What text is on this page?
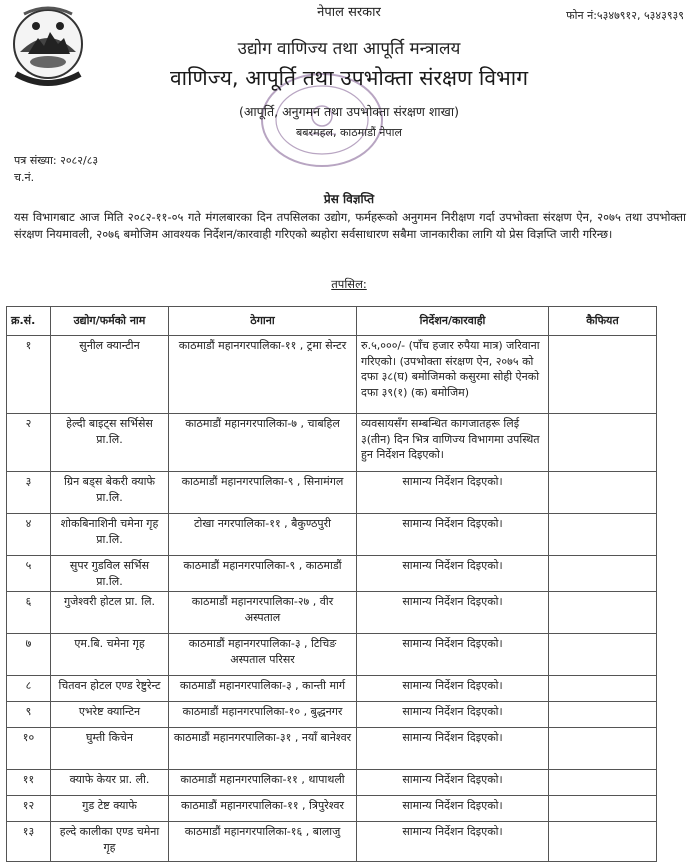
फोन नं:५३४७९१२, ५३४३९३९
नेपाल सरकार
उद्योग वाणिज्य तथा आपूर्ति मन्त्रालय
वाणिज्य, आपूर्ति तथा उपभोक्ता संरक्षण विभाग
(आपूर्ति, अनुगमन तथा उपभोक्ता संरक्षण शाखा)
बबरमहल, काठमाडौं नेपाल
पत्र संख्या: २०८२/८३
च.नं.
प्रेस विज्ञप्ति
यस विभागबाट आज मिति २०८२-११-०५ गते मंगलबारका दिन तपसिलका उद्योग, फर्महरूको अनुगमन निरीक्षण गर्दा उपभोक्ता संरक्षण ऐन, २०७५ तथा उपभोक्ता संरक्षण नियमावली, २०७६ बमोजिम आवश्यक निर्देशन/कारवाही गरिएको ब्यहोरा सर्वसाधारण सबैमा जानकारीका लागि यो प्रेस विज्ञप्ति जारी गरिन्छ।
तपसिल:
क्र.सं.	उद्योग/फर्मको नाम	ठेगाना	निर्देशन/कारवाही	कैफियत
१	सुनील क्यान्टीन	काठमाडौं महानगरपालिका-११ , ट्रमा सेन्टर	रु.५,०००/- (पाँच हजार रुपैया मात्र) जरिवाना गरिएको। (उपभोक्ता संरक्षण ऐन, २०७५ को दफा ३८(घ) बमोजिमको कसुरमा सोही ऐनको दफा ३९(१) (क) बमोजिम)	
२	हेल्दी बाइट्स सर्भिसेस प्रा.लि.	काठमाडौं महानगरपालिका-७ , चाबहिल	व्यवसायसँग सम्बन्धित कागजातहरू लिई ३(तीन) दिन भित्र वाणिज्य विभागमा उपस्थित हुन निर्देशन दिइएको।	
३	ग्रिन बड्स बेकरी क्याफे प्रा.लि.	काठमाडौं महानगरपालिका-९ , सिनामंगल	सामान्य निर्देशन दिइएको।	
४	शोकबिनाशिनी चमेना गृह प्रा.लि.	टोखा नगरपालिका-११ , बैकुण्ठपुरी	सामान्य निर्देशन दिइएको।	
५	सुपर गुडविल सर्भिस प्रा.लि.	काठमाडौं महानगरपालिका-९ , काठमाडौं	सामान्य निर्देशन दिइएको।	
६	गुजेश्वरी होटल प्रा. लि.	काठमाडौं महानगरपालिका-२७ , वीर अस्पताल	सामान्य निर्देशन दिइएको।	
७	एम.बि. चमेना गृह	काठमाडौं महानगरपालिका-३ , टिचिङ अस्पताल परिसर	सामान्य निर्देशन दिइएको।	
८	चितवन होटल एण्ड रेष्टुरेन्ट	काठमाडौं महानगरपालिका-३ , कान्ती मार्ग	सामान्य निर्देशन दिइएको।	
९	एभरेष्ट क्यान्टिन	काठमाडौं महानगरपालिका-१० , बुद्धनगर	सामान्य निर्देशन दिइएको।	
१०	घुम्ती किचेन	काठमाडौं महानगरपालिका-३१ , नयाँ बानेश्वर	सामान्य निर्देशन दिइएको।	
११	क्याफे केयर प्रा. ली.	काठमाडौं महानगरपालिका-११ , थापाथली	सामान्य निर्देशन दिइएको।	
१२	गुड टेष्ट क्याफे	काठमाडौं महानगरपालिका-११ , त्रिपुरेश्वर	सामान्य निर्देशन दिइएको।	
१३	हल्दे कालीका एण्ड चमेना गृह	काठमाडौं महानगरपालिका-१६ , बालाजु	सामान्य निर्देशन दिइएको।	
